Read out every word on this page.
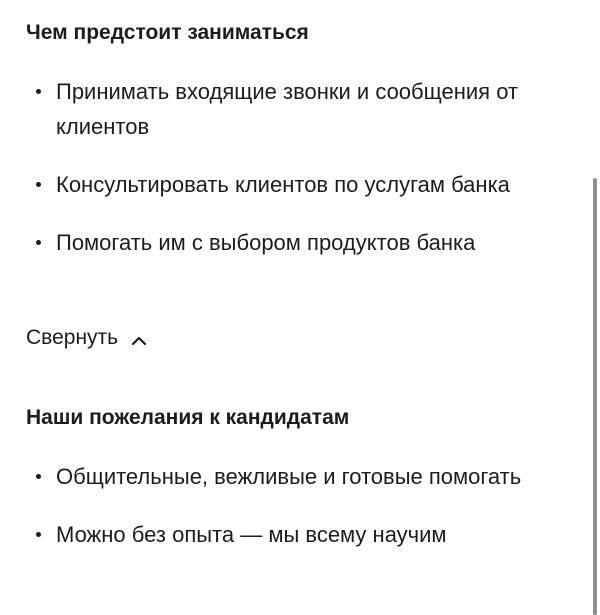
Чем предстоит заниматься
Принимать входящие звонки и сообщения от клиентов
Консультировать клиентов по услугам банка
Помогать им с выбором продуктов банка
Свернуть
Наши пожелания к кандидатам
Общительные, вежливые и готовые помогать
Можно без опыта — мы всему научим
